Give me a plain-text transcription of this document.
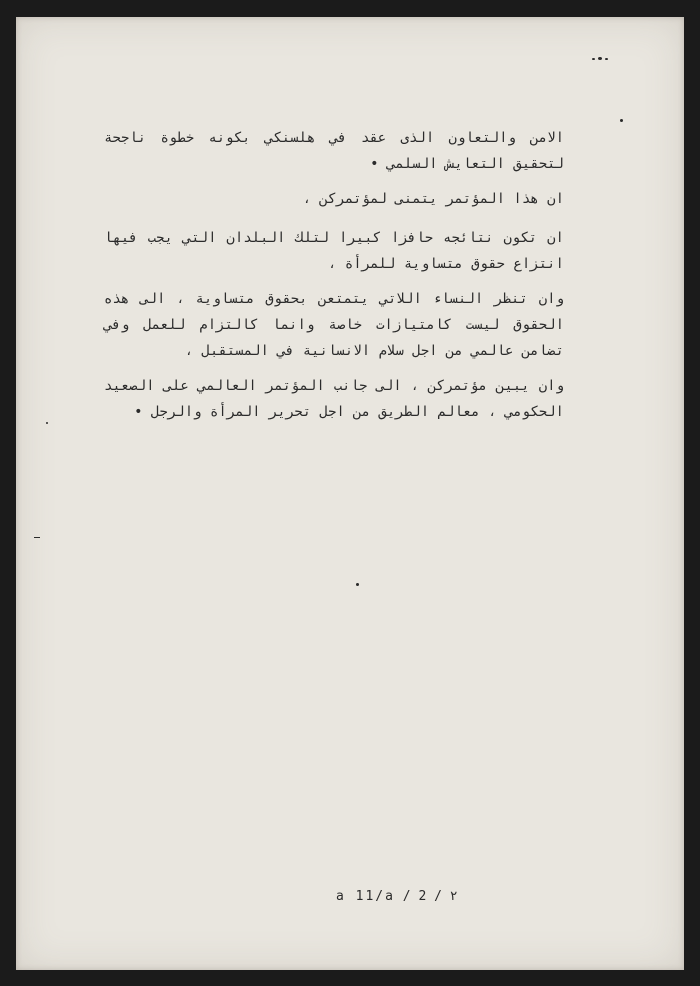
الامن والتعاون الذى عقد في هلسنكي بكونه خطوة ناجحة لتحقيق التعايش السلمي •
ان هذا المؤتمر يتمنى لمؤتمركن ،
ان تكون نتائجه حافزا كبيرا لتلك البلدان التي يجب فيها انتزاع حقوق متساوية للمرأة ،
وان تنظر النساء اللاتي يتمتعن بحقوق متساوية ، الى هذه الحقوق ليست كامتيازات خاصة وانما كالتزام للعمل وفي تضامن عالمي من اجل سلام الانسانية في المستقبل ،
وان يبين مؤتمركن ، الى جانب المؤتمر العالمي على الصعيد الحكومي ، معالم الطريق من اجل تحرير المرأة والرجل •
٢ / 2 / a 11/a
